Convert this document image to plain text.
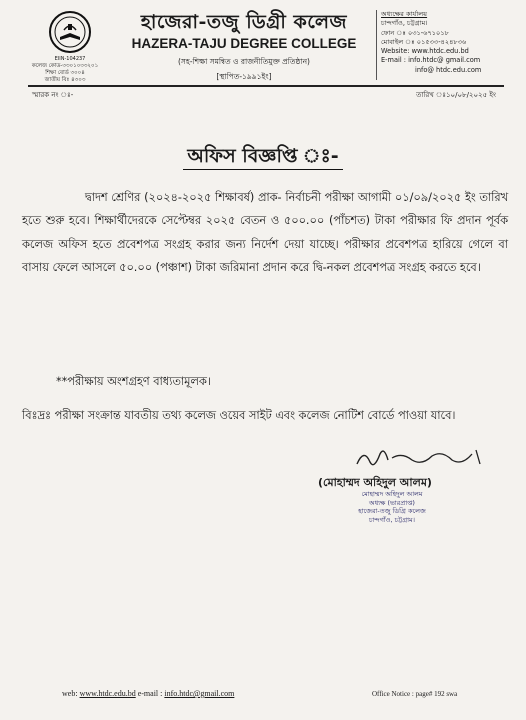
EIIN-104237
কলেজ কোড-৩৩০১০৩৩২০১
শিক্ষা বোর্ড ৩০০৪
জাতীয় বিঃ ৪৩০৩
হাজেরা-তজু ডিগ্রী কলেজ
HAZERA-TAJU DEGREE COLLEGE
(সহ-শিক্ষা সমন্বিত ও রাজনীতিমুক্ত প্রতিষ্ঠান)
[স্থাপিত-১৯৯১ইং]
অধ্যক্ষের কার্যালয়
চান্দগাঁও, চট্টগ্রাম।
ফোন ঃ ০৩১-৬৭১০১৮
মোবাইল ঃ ০১৫৩৩-৪২৪৮৩৬
Website: www.htdc.edu.bd
E-mail : info.htdc@ gmail.com
info@ htdc.edu.com
স্মারক নং ঃ-	তারিখ ঃ১০/০৮/২০২৫ ইং
অফিস বিজ্ঞপ্তি ঃ-

দ্বাদশ শ্রেণির (২০২৪-২০২৫ শিক্ষাবর্ষ) প্রাক- নির্বাচনী পরীক্ষা আগামী ০১/০৯/২০২৫ ইং তারিখ হতে শুরু হবে। শিক্ষার্থীদেরকে সেপ্টেম্বর ২০২৫ বেতন ও ৫০০.০০ (পাঁচশত) টাকা পরীক্ষার ফি প্রদান পূর্বক কলেজ অফিস হতে প্রবেশপত্র সংগ্রহ করার জন্য নির্দেশ দেয়া যাচ্ছে। পরীক্ষার প্রবেশপত্র হারিয়ে গেলে বা বাসায় ফেলে আসলে ৫০.০০ (পঞ্চাশ) টাকা জরিমানা প্রদান করে দ্বি-নকল প্রবেশপত্র সংগ্রহ করতে হবে।

**পরীক্ষায় অংশগ্রহণ বাধ্যতামূলক।
বিঃদ্রঃ পরীক্ষা সংক্রান্ত যাবতীয় তথ্য কলেজ ওয়েব সাইট এবং কলেজ নোটিশ বোর্ডে পাওয়া যাবে।
(মোহাম্মদ অহিদুল আলম)
মোহাম্মদ অহিদুল আলম
অধ্যক্ষ (ভারপ্রাপ্ত)
হাজেরা-তজু ডিগ্রি কলেজ
চান্দগাঁও, চট্টগ্রাম।
web: www.htdc.edu.bd e-mail : info.htdc@gmail.com	Office Notice : page# 192 swa
